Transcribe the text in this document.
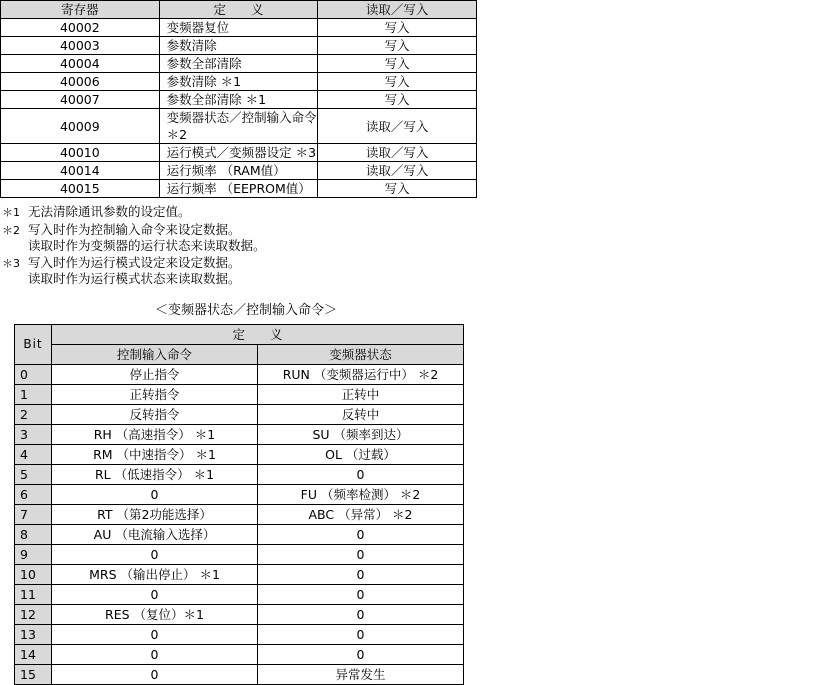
寄存器	定　　义	读取／写入
40002	变频器复位	写入
40003	参数清除	写入
40004	参数全部清除	写入
40006	参数清除 ＊1	写入
40007	参数全部清除 ＊1	写入
40009	变频器状态／控制输入命令 ＊2	读取／写入
40010	运行模式／变频器设定 ＊3	读取／写入
40014	运行频率 （RAM值）	读取／写入
40015	运行频率 （EEPROM值）	写入
＊1 无法清除通讯参数的设定值。
＊2 写入时作为控制输入命令来设定数据。
读取时作为变频器的运行状态来读取数据。
＊3 写入时作为运行模式设定来设定数据。
读取时作为运行模式状态来读取数据。
＜变频器状态／控制输入命令＞
Bit	定　　义	
	控制输入命令	变频器状态
0	停止指令	RUN （变频器运行中） ＊2
1	正转指令	正转中
2	反转指令	反转中
3	RH （高速指令） ＊1	SU （频率到达）
4	RM （中速指令） ＊1	OL （过载）
5	RL （低速指令） ＊1	0
6	0	FU （频率检测） ＊2
7	RT （第2功能选择）	ABC （异常） ＊2
8	AU （电流输入选择）	0
9	0	0
10	MRS （输出停止） ＊1	0
11	0	0
12	RES （复位）＊1	0
13	0	0
14	0	0
15	0	异常发生
